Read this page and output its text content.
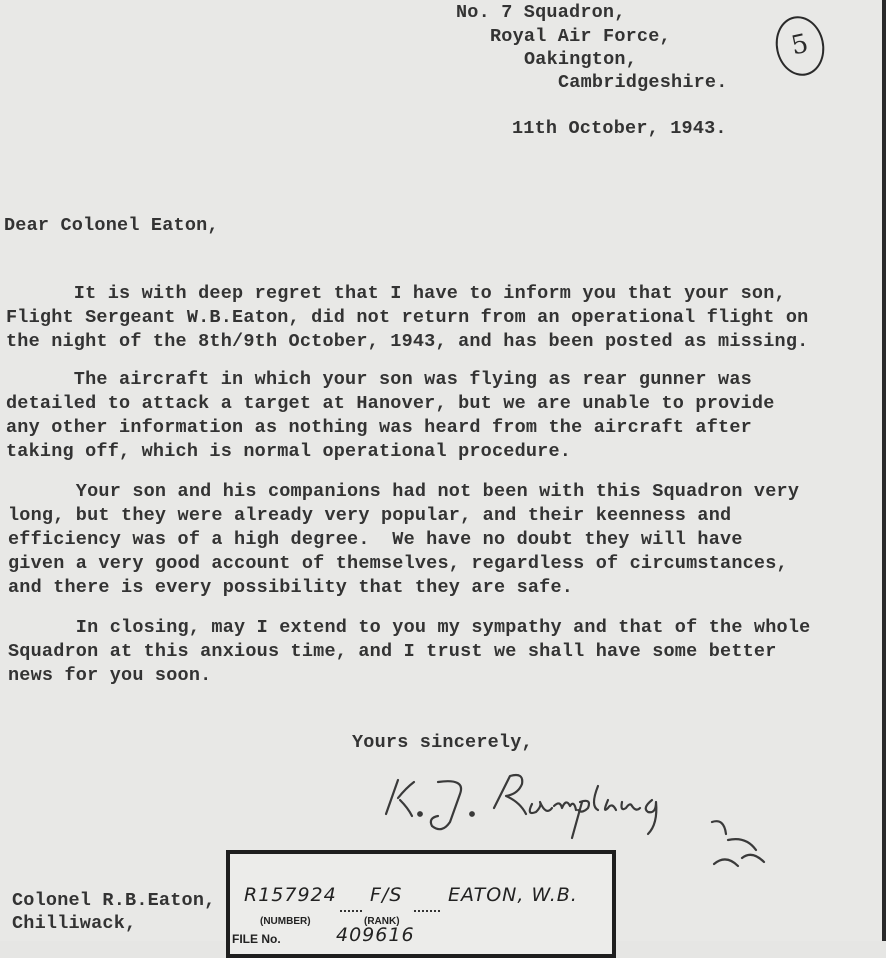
No. 7 Squadron,

Royal Air Force,

Oakington,

Cambridgeshire.

5

11th October, 1943.

Dear Colonel Eaton,

It is with deep regret that I have to inform you that your son,
Flight Sergeant W.B.Eaton, did not return from an operational flight on
the night of the 8th/9th October, 1943, and has been posted as missing.

The aircraft in which your son was flying as rear gunner was
detailed to attack a target at Hanover, but we are unable to provide
any other information as nothing was heard from the aircraft after
taking off, which is normal operational procedure.

Your son and his companions had not been with this Squadron very
long, but they were already very popular, and their keenness and
efficiency was of a high degree.  We have no doubt they will have
given a very good account of themselves, regardless of circumstances,
and there is every possibility that they are safe.

In closing, may I extend to you my sympathy and that of the whole
Squadron at this anxious time, and I trust we shall have some better
news for you soon.

Yours sincerely,

Colonel R.B.Eaton,

Chilliwack,

R157924 F/S EATON, W.B.
(NUMBER)	(RANK)
FILE No.	409616
